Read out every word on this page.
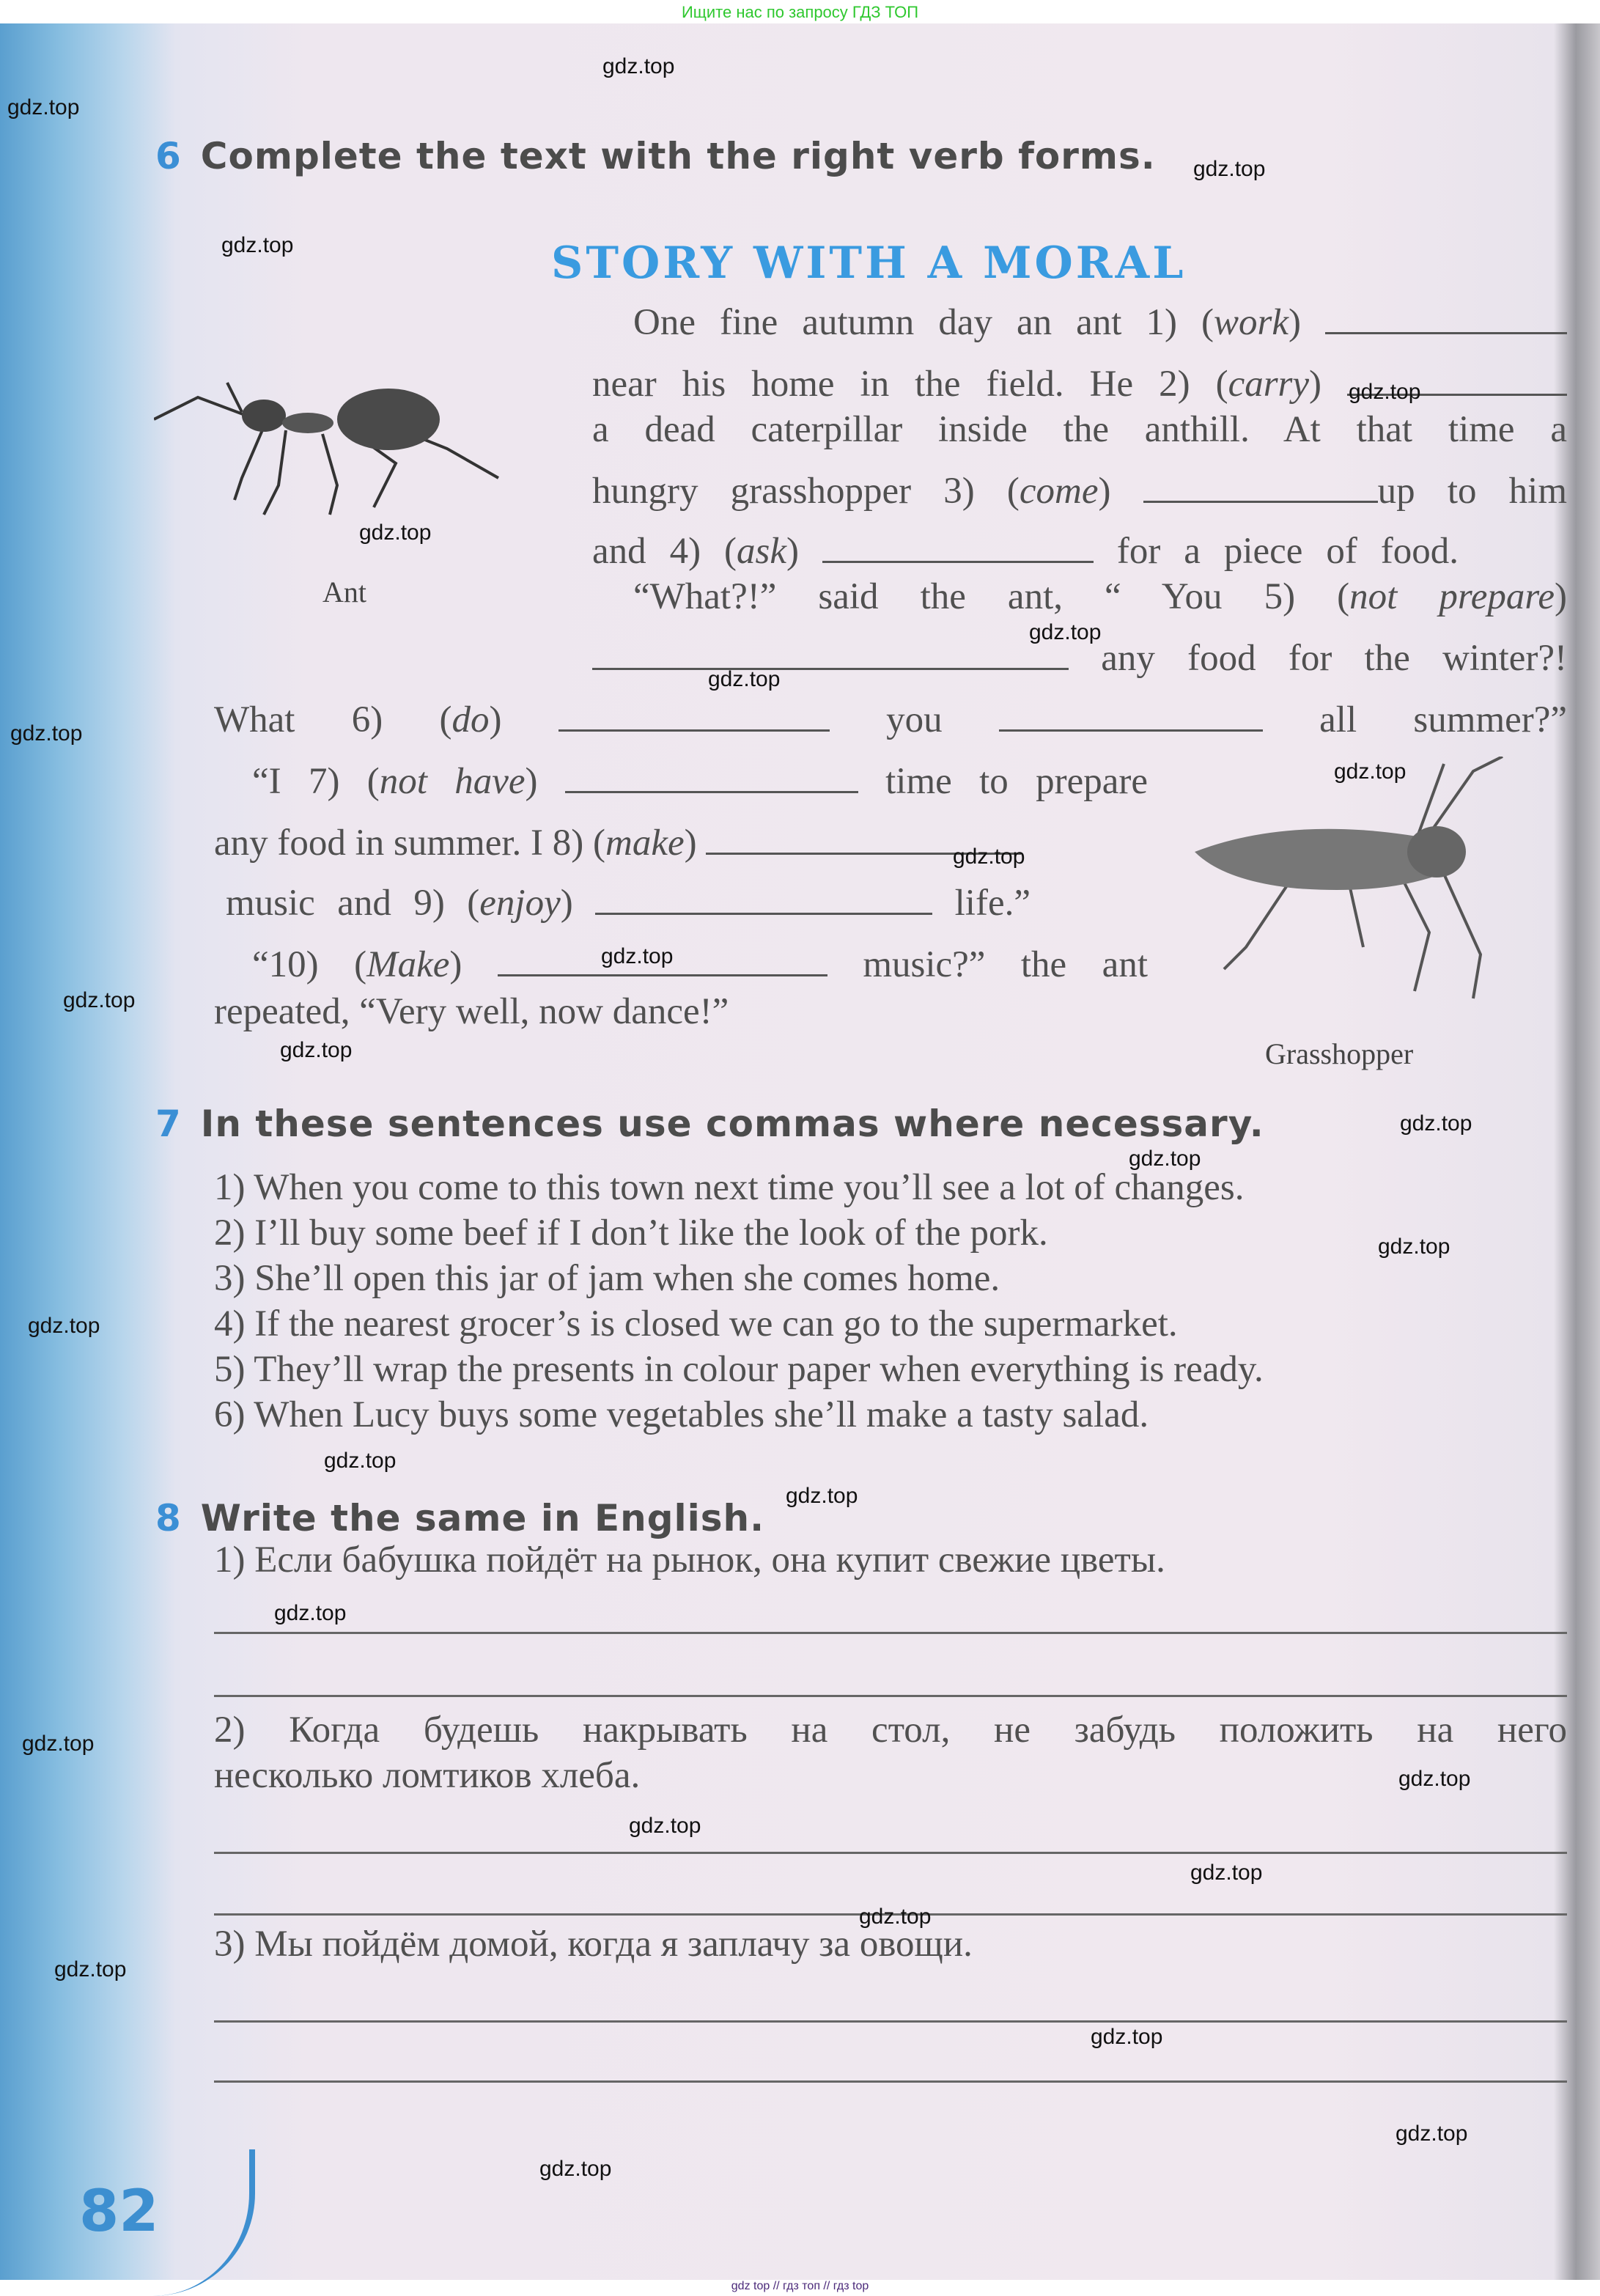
Ищите нас по запросу ГДЗ ТОП
6 Complete the text with the right verb forms.
STORY WITH A MORAL
Ant
Grasshopper
One fine autumn day an ant 1) (work)
near his home in the field. He 2) (carry)
a dead caterpillar inside the anthill. At that time a
hungry grasshopper 3) (come)	up to him
and 4) (ask)	for a piece of food.
“What?!” said the ant, “ You 5) (not prepare)
any food for the winter?!
What 6) (do)	you	all summer?”
“I 7) (not have)	time to prepare
any food in summer. I 8) (make)
music and 9) (enjoy)	life.”
“10) (Make)	music?” the ant
repeated, “Very well, now dance!”
7 In these sentences use commas where necessary.
1) When you come to this town next time you’ll see a lot of changes.
2) I’ll buy some beef if I don’t like the look of the pork.
3) She’ll open this jar of jam when she comes home.
4) If the nearest grocer’s is closed we can go to the supermarket.
5) They’ll wrap the presents in colour paper when everything is ready.
6) When Lucy buys some vegetables she’ll make a tasty salad.
8 Write the same in English.
1) Если бабушка пойдёт на рынок, она купит свежие цветы.
2) Когда будешь накрывать на стол, не забудь положить на него
несколько ломтиков хлеба.
3) Мы пойдём домой, когда я заплачу за овощи.
82
gdz.top
gdz.top
gdz.top
gdz.top
gdz.top
gdz.top
gdz.top
gdz.top
gdz.top
gdz.top
gdz.top
gdz.top
gdz.top
gdz.top
gdz.top
gdz.top
gdz.top
gdz.top
gdz.top
gdz.top
gdz.top
gdz.top
gdz.top
gdz.top
gdz.top
gdz.top
gdz.top
gdz.top
gdz.top
gdz.top
gdz top // гдз топ // гдз top
